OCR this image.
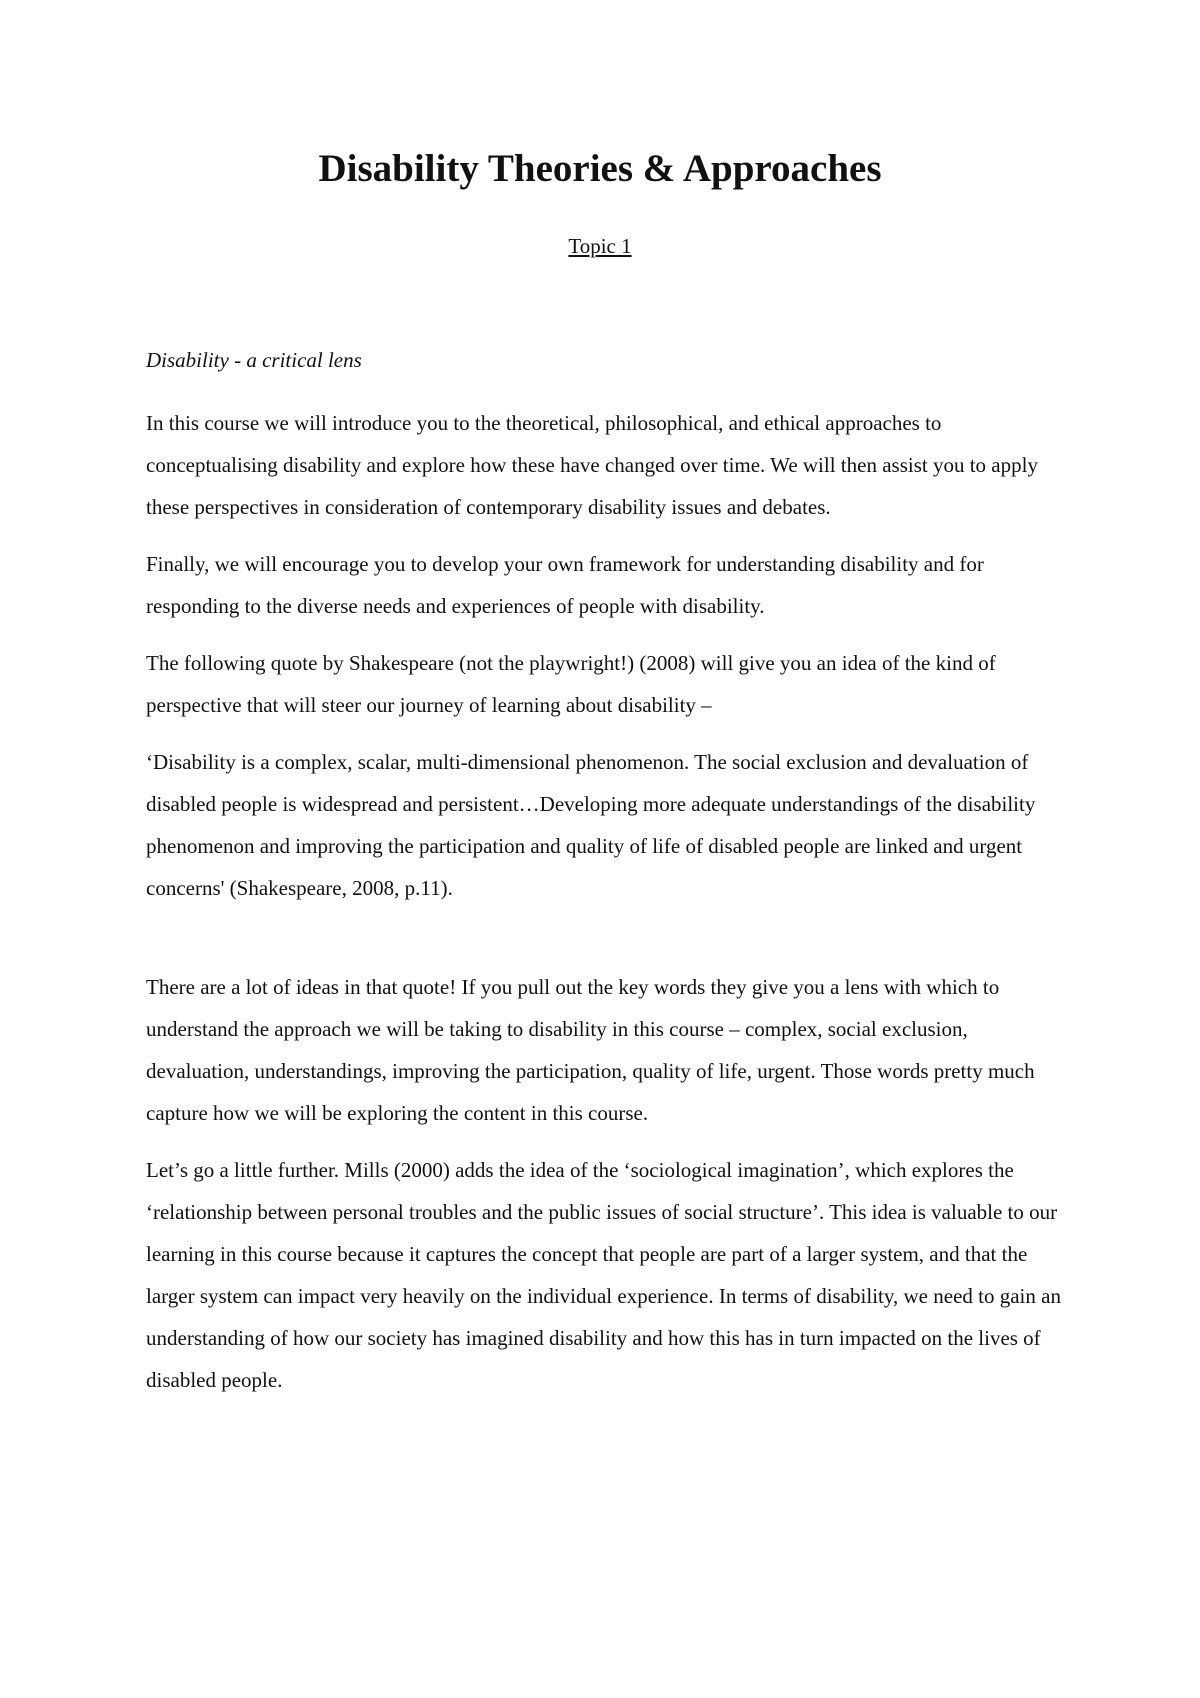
Disability Theories & Approaches

Topic 1

Disability - a critical lens

In this course we will introduce you to the theoretical, philosophical, and ethical approaches to conceptualising disability and explore how these have changed over time. We will then assist you to apply these perspectives in consideration of contemporary disability issues and debates.

Finally, we will encourage you to develop your own framework for understanding disability and for responding to the diverse needs and experiences of people with disability.

The following quote by Shakespeare (not the playwright!) (2008) will give you an idea of the kind of perspective that will steer our journey of learning about disability –

‘Disability is a complex, scalar, multi-dimensional phenomenon. The social exclusion and devaluation of disabled people is widespread and persistent…Developing more adequate understandings of the disability phenomenon and improving the participation and quality of life of disabled people are linked and urgent concerns' (Shakespeare, 2008, p.11).

There are a lot of ideas in that quote! If you pull out the key words they give you a lens with which to understand the approach we will be taking to disability in this course – complex, social exclusion, devaluation, understandings, improving the participation, quality of life, urgent. Those words pretty much capture how we will be exploring the content in this course.

Let’s go a little further. Mills (2000) adds the idea of the ‘sociological imagination’, which explores the ‘relationship between personal troubles and the public issues of social structure’. This idea is valuable to our learning in this course because it captures the concept that people are part of a larger system, and that the larger system can impact very heavily on the individual experience. In terms of disability, we need to gain an understanding of how our society has imagined disability and how this has in turn impacted on the lives of disabled people.
